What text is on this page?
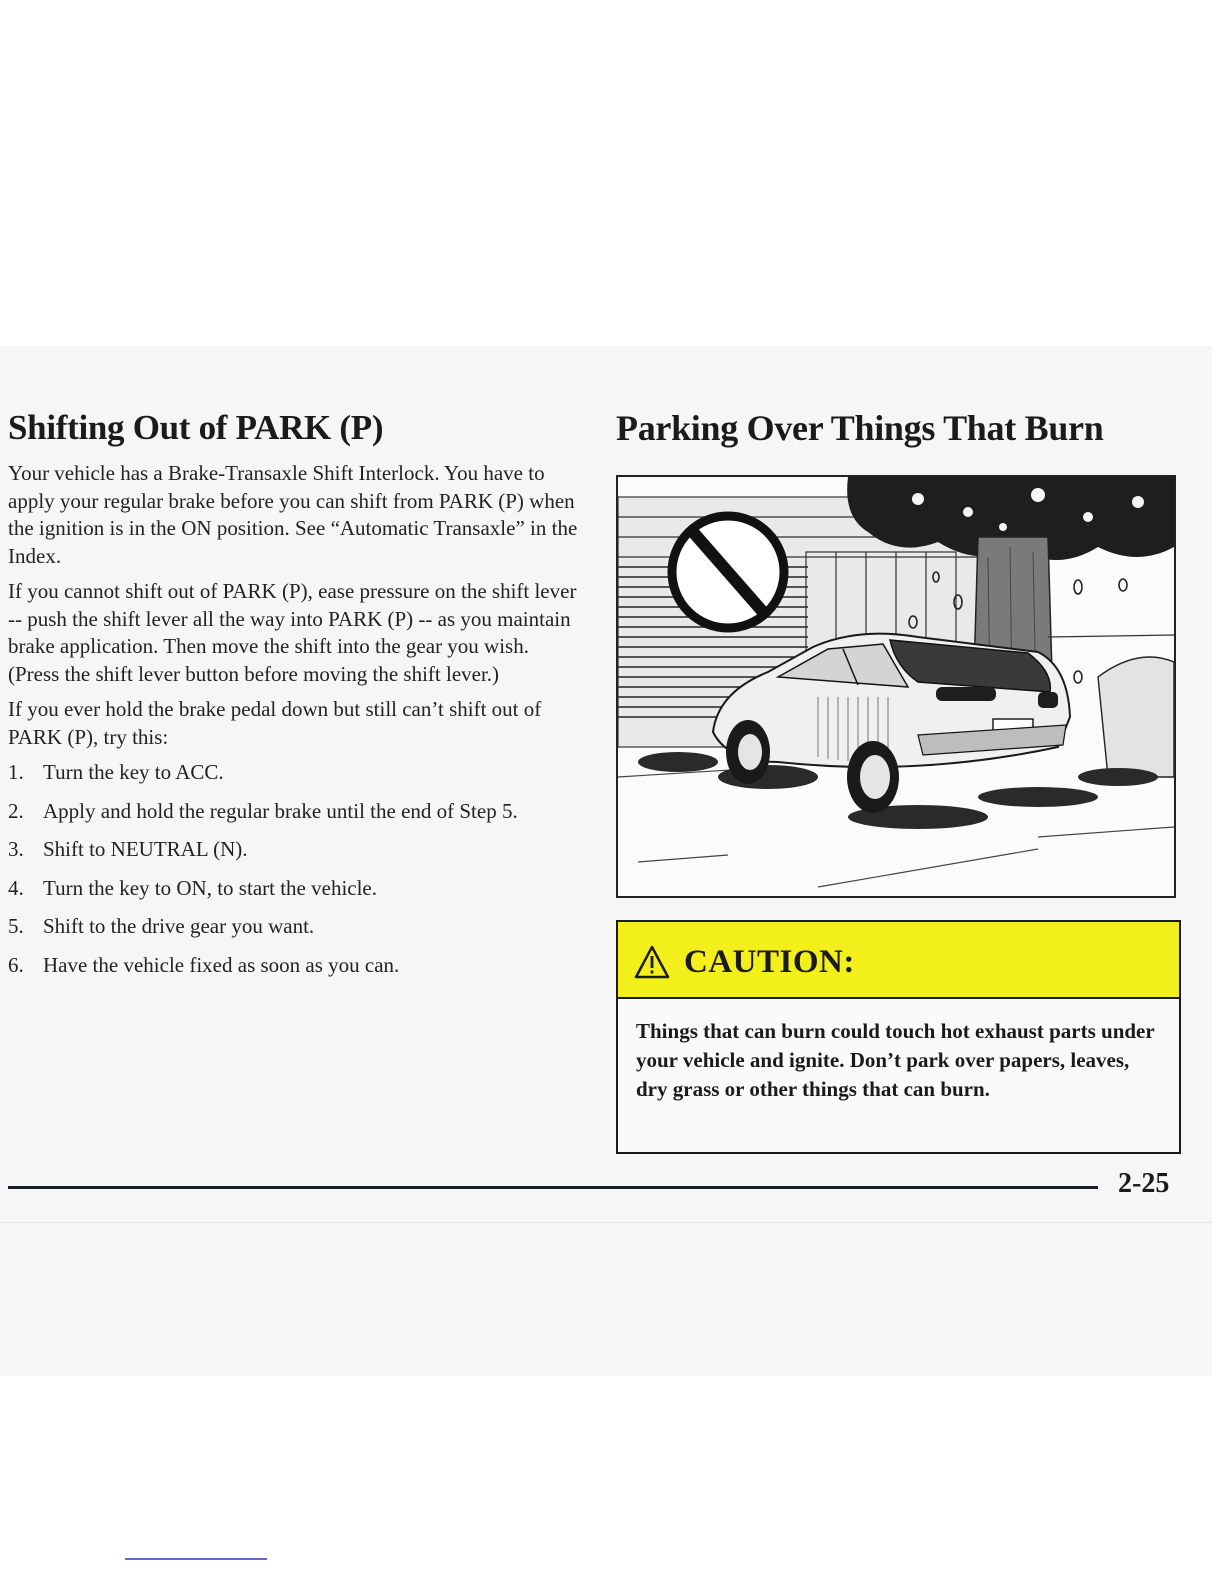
Shifting Out of PARK (P)

Your vehicle has a Brake-Transaxle Shift Interlock. You have to apply your regular brake before you can shift from PARK (P) when the ignition is in the ON position. See “Automatic Transaxle” in the Index.

If you cannot shift out of PARK (P), ease pressure on the shift lever -- push the shift lever all the way into PARK (P) -- as you maintain brake application. Then move the shift into the gear you wish. (Press the shift lever button before moving the shift lever.)

If you ever hold the brake pedal down but still can’t shift out of PARK (P), try this:

1. Turn the key to ACC.
2. Apply and hold the regular brake until the end of Step 5.
3. Shift to NEUTRAL (N).
4. Turn the key to ON, to start the vehicle.
5. Shift to the drive gear you want.
6. Have the vehicle fixed as soon as you can.
Parking Over Things That Burn
CAUTION:
Things that can burn could touch hot exhaust parts under your vehicle and ignite. Don’t park over papers, leaves, dry grass or other things that can burn.
2-25
